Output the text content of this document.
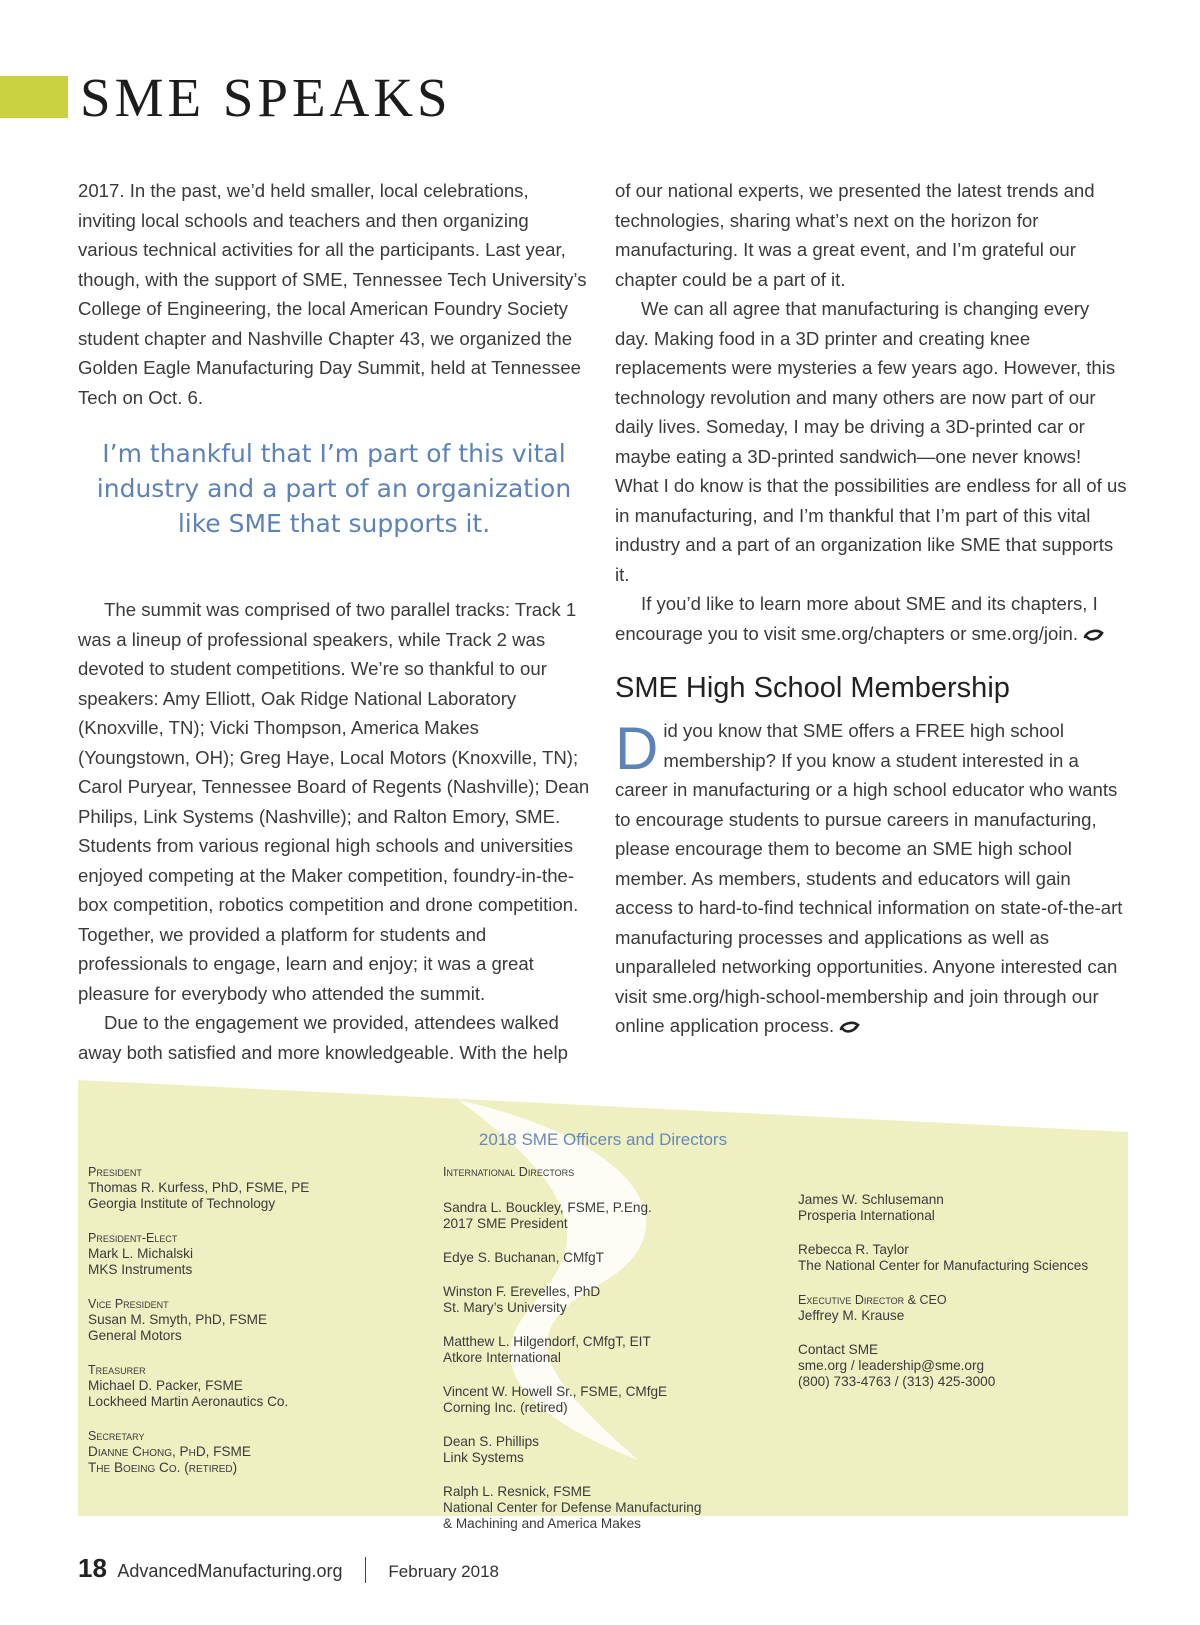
SME SPEAKS

2017. In the past, we’d held smaller, local celebrations, inviting local schools and teachers and then organizing various technical activities for all the participants. Last year, though, with the support of SME, Tennessee Tech University’s College of Engineering, the local American Foundry Society student chapter and Nashville Chapter 43, we organized the Golden Eagle Manufacturing Day Summit, held at Tennessee Tech on Oct. 6.

I’m thankful that I’m part of this vital industry and a part of an organization like SME that supports it.

The summit was comprised of two parallel tracks: Track 1 was a lineup of professional speakers, while Track 2 was devoted to student competitions. We’re so thankful to our speakers: Amy Elliott, Oak Ridge National Laboratory (Knoxville, TN); Vicki Thompson, America Makes (Youngstown, OH); Greg Haye, Local Motors (Knoxville, TN); Carol Puryear, Tennessee Board of Regents (Nashville); Dean Philips, Link Systems (Nashville); and Ralton Emory, SME. Students from various regional high schools and universities enjoyed competing at the Maker competition, foundry-in-the-box competition, robotics competition and drone competition. Together, we provided a platform for students and professionals to engage, learn and enjoy; it was a great pleasure for everybody who attended the summit.

Due to the engagement we provided, attendees walked away both satisfied and more knowledgeable. With the help

of our national experts, we presented the latest trends and technologies, sharing what’s next on the horizon for manufacturing. It was a great event, and I’m grateful our chapter could be a part of it.

We can all agree that manufacturing is changing every day. Making food in a 3D printer and creating knee replacements were mysteries a few years ago. However, this technology revolution and many others are now part of our daily lives. Someday, I may be driving a 3D-printed car or maybe eating a 3D-printed sandwich—one never knows! What I do know is that the possibilities are endless for all of us in manufacturing, and I’m thankful that I’m part of this vital industry and a part of an organization like SME that supports it.

If you’d like to learn more about SME and its chapters, I encourage you to visit sme.org/chapters or sme.org/join.

SME High School Membership

Did you know that SME offers a FREE high school membership? If you know a student interested in a career in manufacturing or a high school educator who wants to encourage students to pursue careers in manufacturing, please encourage them to become an SME high school member. As members, students and educators will gain access to hard-to-find technical information on state-of-the-art manufacturing processes and applications as well as unparalleled networking opportunities. Anyone interested can visit sme.org/high-school-membership and join through our online application process.

2018 SME Officers and Directors
President
Thomas R. Kurfess, PhD, FSME, PE
Georgia Institute of Technology
President-Elect
Mark L. Michalski
MKS Instruments
Vice President
Susan M. Smyth, PhD, FSME
General Motors
Treasurer
Michael D. Packer, FSME
Lockheed Martin Aeronautics Co.
Secretary
Dianne Chong, PhD, FSME
The Boeing Co. (retired)
International Directors
Sandra L. Bouckley, FSME, P.Eng.
2017 SME President
Edye S. Buchanan, CMfgT
Winston F. Erevelles, PhD
St. Mary’s University
Matthew L. Hilgendorf, CMfgT, EIT
Atkore International
Vincent W. Howell Sr., FSME, CMfgE
Corning Inc. (retired)
Dean S. Phillips
Link Systems
Ralph L. Resnick, FSME
National Center for Defense Manufacturing
& Machining and America Makes
James W. Schlusemann
Prosperia International
Rebecca R. Taylor
The National Center for Manufacturing Sciences
Executive Director & CEO
Jeffrey M. Krause
Contact SME
sme.org / leadership@sme.org
(800) 733-4763 / (313) 425-3000
18 AdvancedManufacturing.org	February 2018
